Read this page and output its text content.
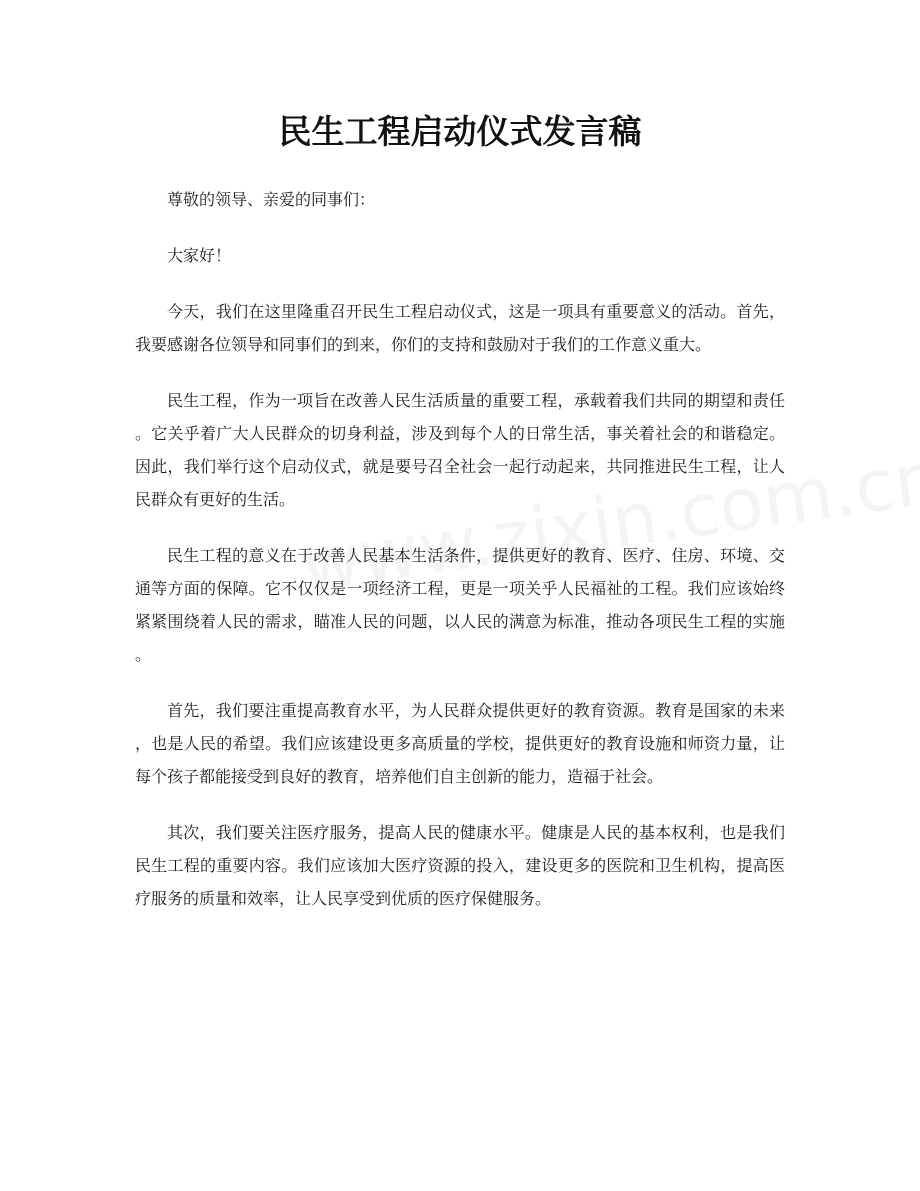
民生工程启动仪式发言稿

尊敬的领导、亲爱的同事们：

大家好！

今天，我们在这里隆重召开民生工程启动仪式，这是一项具有重要意义的活动。首先，我要感谢各位领导和同事们的到来，你们的支持和鼓励对于我们的工作意义重大。

民生工程，作为一项旨在改善人民生活质量的重要工程，承载着我们共同的期望和责任。它关乎着广大人民群众的切身利益，涉及到每个人的日常生活，事关着社会的和谐稳定。因此，我们举行这个启动仪式，就是要号召全社会一起行动起来，共同推进民生工程，让人民群众有更好的生活。

民生工程的意义在于改善人民基本生活条件，提供更好的教育、医疗、住房、环境、交通等方面的保障。它不仅仅是一项经济工程，更是一项关乎人民福祉的工程。我们应该始终紧紧围绕着人民的需求，瞄准人民的问题，以人民的满意为标准，推动各项民生工程的实施。

首先，我们要注重提高教育水平，为人民群众提供更好的教育资源。教育是国家的未来，也是人民的希望。我们应该建设更多高质量的学校，提供更好的教育设施和师资力量，让每个孩子都能接受到良好的教育，培养他们自主创新的能力，造福于社会。

其次，我们要关注医疗服务，提高人民的健康水平。健康是人民的基本权利，也是我们民生工程的重要内容。我们应该加大医疗资源的投入，建设更多的医院和卫生机构，提高医疗服务的质量和效率，让人民享受到优质的医疗保健服务。
